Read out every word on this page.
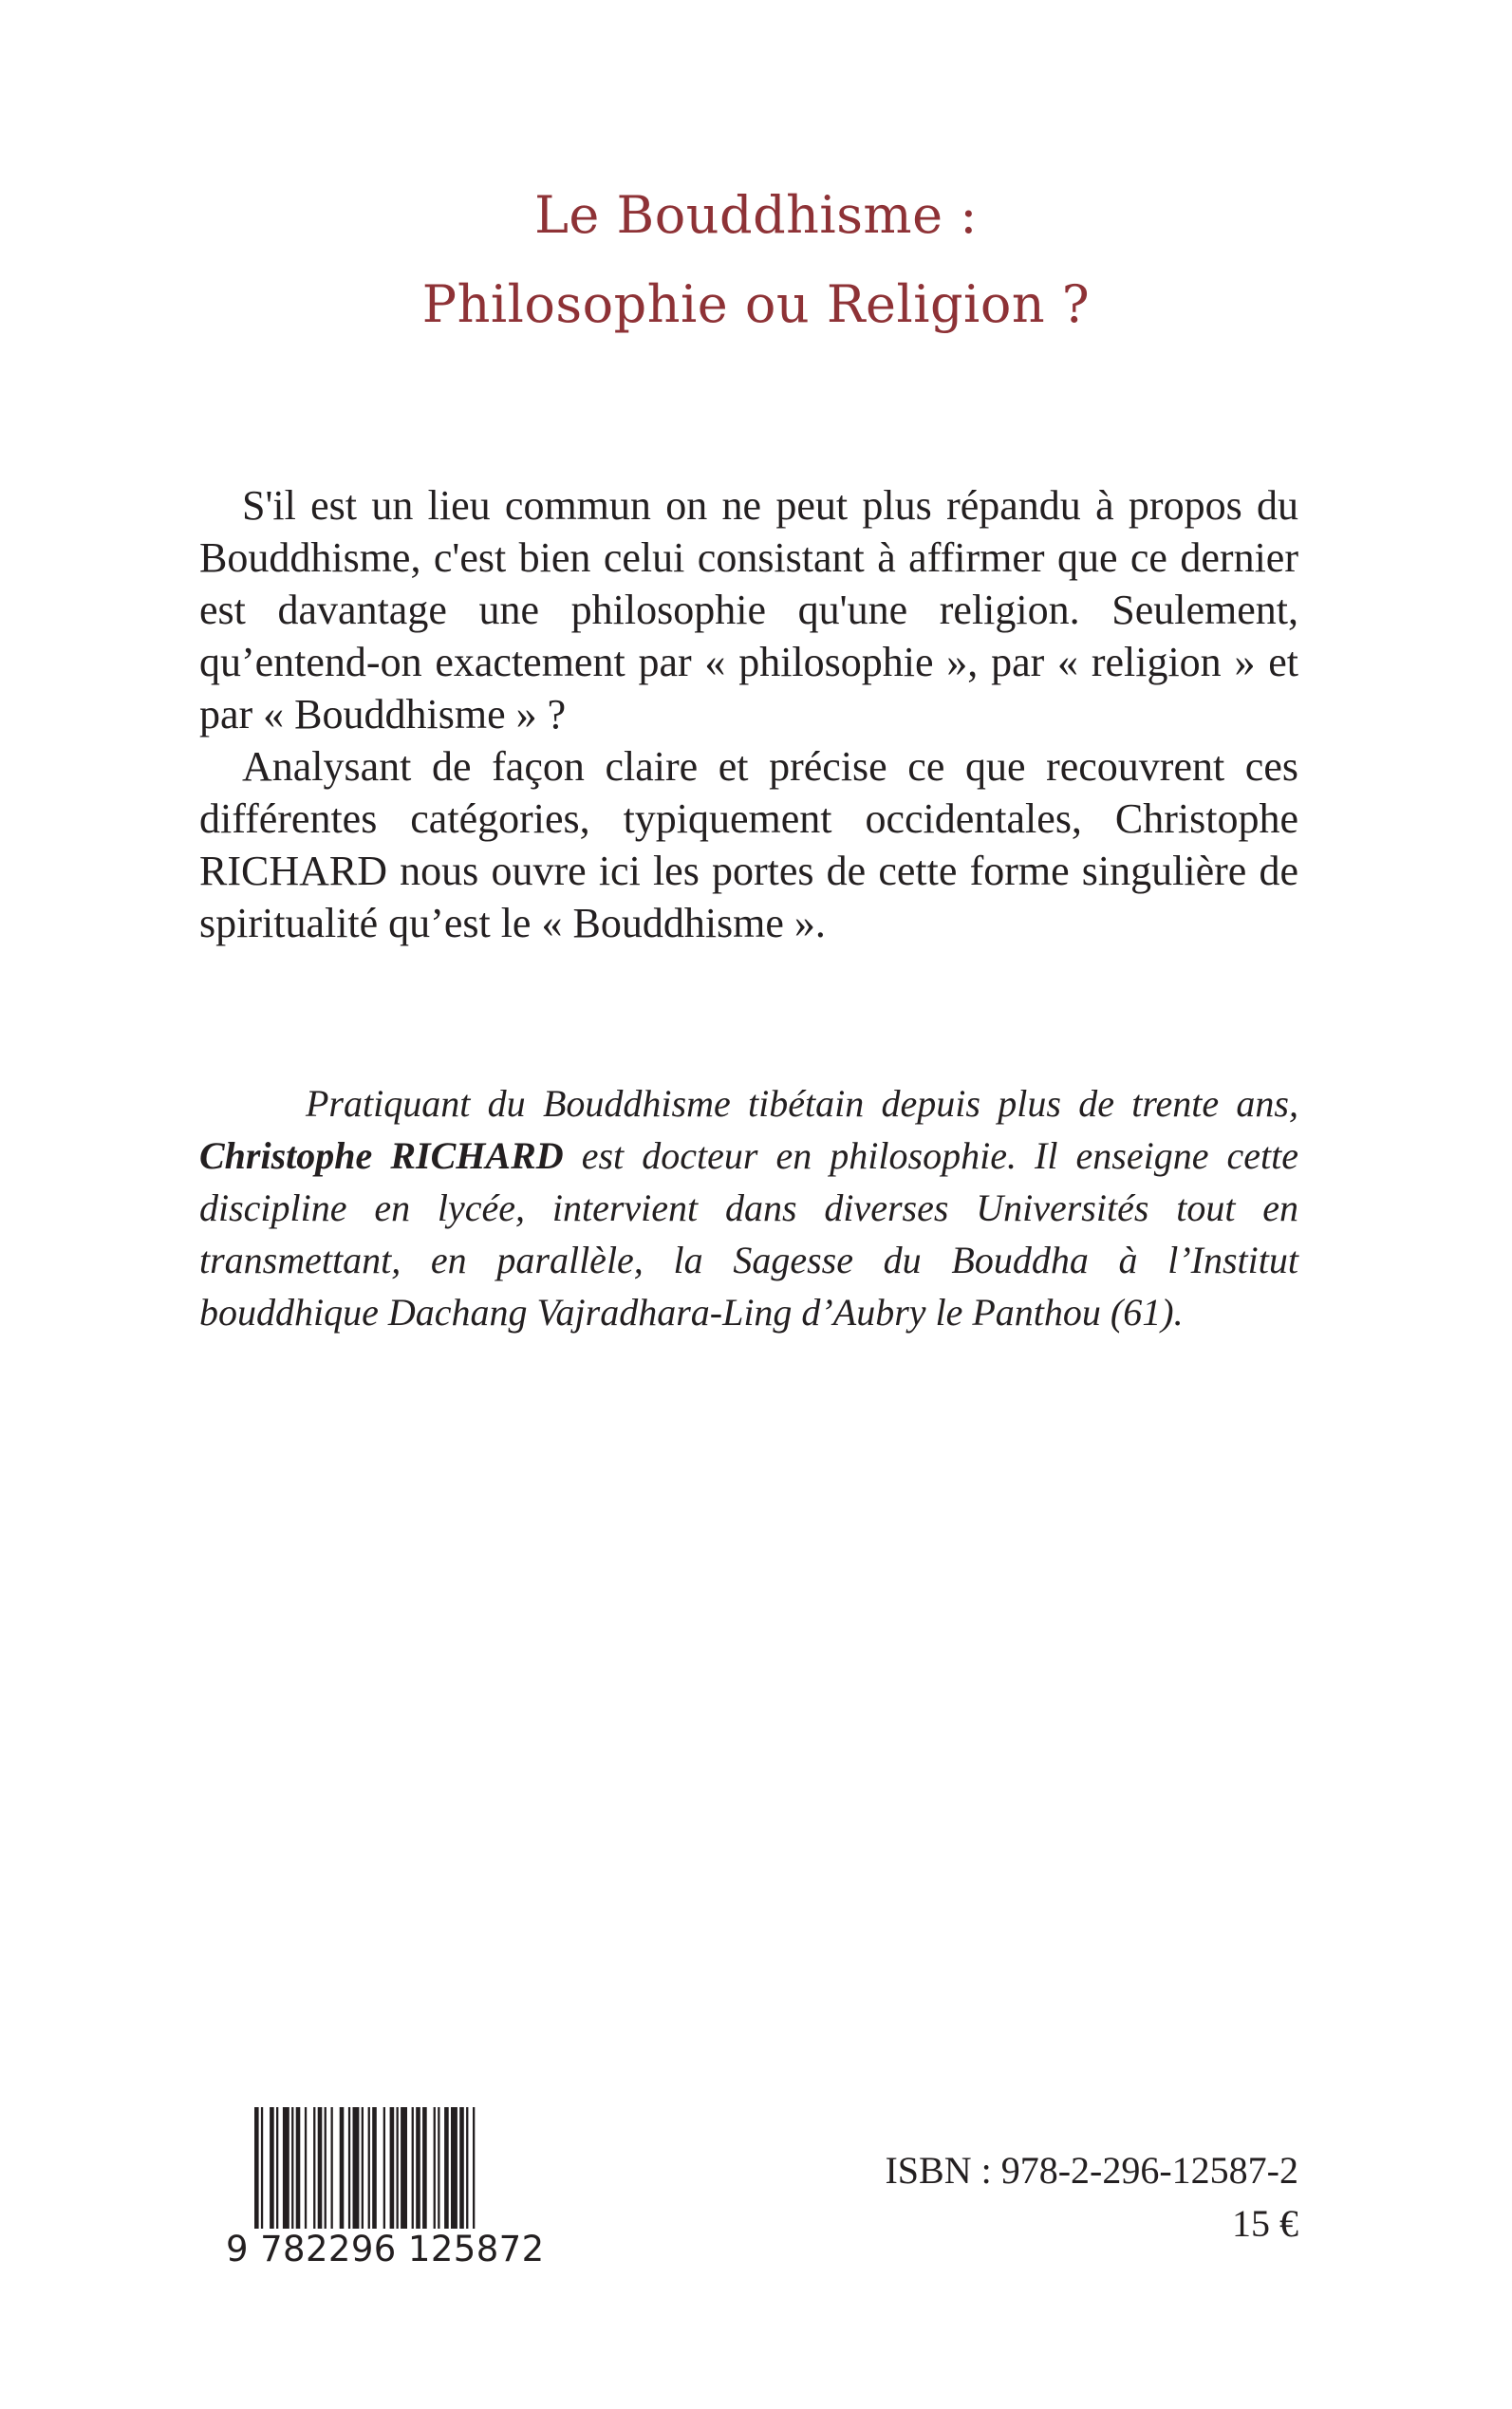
Le Bouddhisme :
Philosophie ou Religion ?

S'il est un lieu commun on ne peut plus répandu à propos du Bouddhisme, c'est bien celui consistant à affirmer que ce dernier est davantage une philosophie qu'une religion. Seulement, qu’entend-on exactement par « philosophie », par « religion » et par « Bouddhisme » ?

Analysant de façon claire et précise ce que recouvrent ces différentes catégories, typiquement occidentales, Christophe RICHARD nous ouvre ici les portes de cette forme singulière de spiritualité qu’est le « Bouddhisme ».

Pratiquant du Bouddhisme tibétain depuis plus de trente ans, Christophe RICHARD est docteur en philosophie. Il enseigne cette discipline en lycée, intervient dans diverses Universités tout en transmettant, en parallèle, la Sagesse du Bouddha à l’Institut bouddhique Dachang Vajradhara-Ling d’Aubry le Panthou (61).

9 782296 125872
ISBN : 978-2-296-12587-2
15 €
